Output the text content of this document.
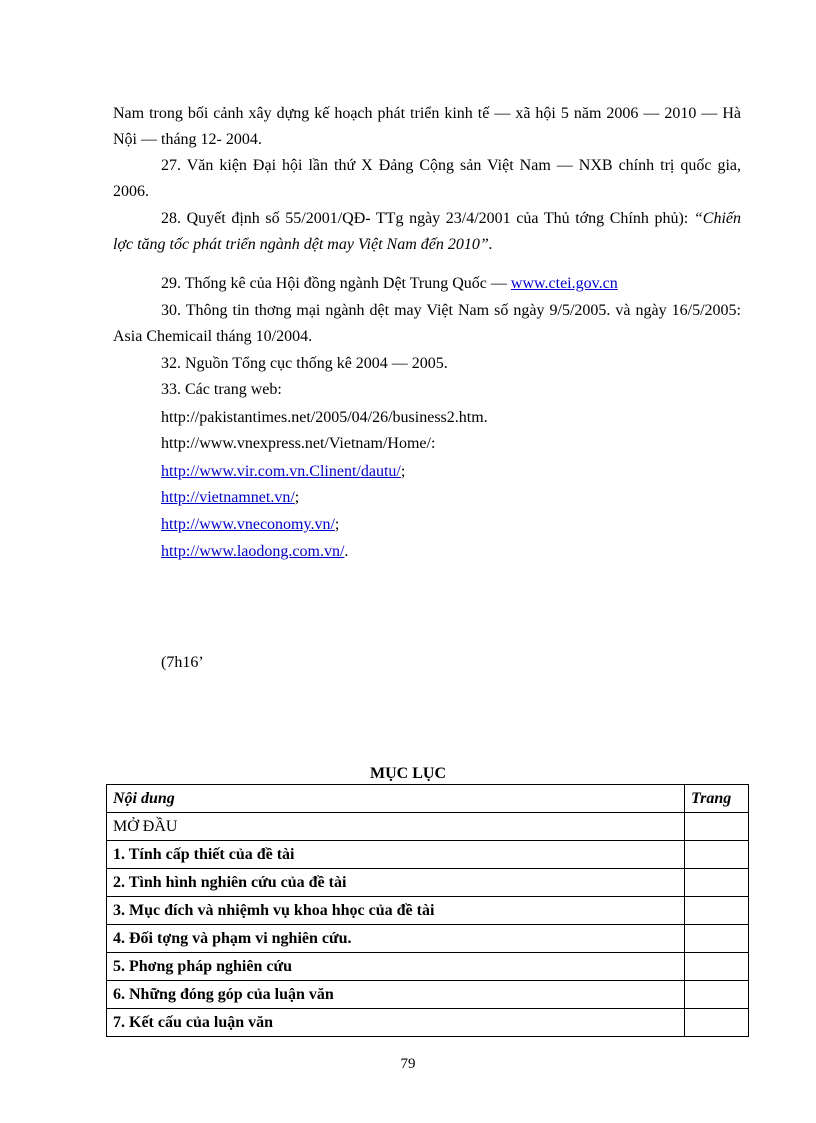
Nam trong bối cảnh xây dựng kế hoạch phát triển kinh tế — xã hội 5 năm 2006 — 2010 — Hà Nội — tháng 12- 2004.
27. Văn kiện Đại hội lần thứ X Đảng Cộng sản Việt Nam — NXB chính trị quốc gia, 2006.
28. Quyết định số 55/2001/QĐ- TTg ngày 23/4/2001 của Thủ tớng Chính phủ): “Chiến lợc tăng tốc phát triển ngành dệt may Việt Nam đến 2010”.
29. Thống kê của Hội đồng ngành Dệt Trung Quốc — www.ctei.gov.cn
30. Thông tin thơng mại ngành dệt may Việt Nam số ngày 9/5/2005. và ngày 16/5/2005: Asia Chemicail tháng 10/2004.
32. Nguồn Tổng cục thống kê 2004 — 2005.
33. Các trang web:
http://pakistantimes.net/2005/04/26/business2.htm.
http://www.vnexpress.net/Vietnam/Home/:
http://www.vir.com.vn.Clinent/dautu/;
http://vietnamnet.vn/;
http://www.vneconomy.vn/;
http://www.laodong.com.vn/.
(7h16’
MỤC LỤC
Nội dung	Trang
MỞ ĐẦU	
1. Tính cấp thiết của đề tài	
2. Tình hình nghiên cứu của đề tài	
3. Mục đích và nhiệmh vụ khoa hhọc của đề tài	
4. Đối tợng và phạm vi nghiên cứu.	
5. Phơng pháp nghiên cứu	
6. Những đóng góp của luận văn	
7. Kết cấu của luận văn	
79
